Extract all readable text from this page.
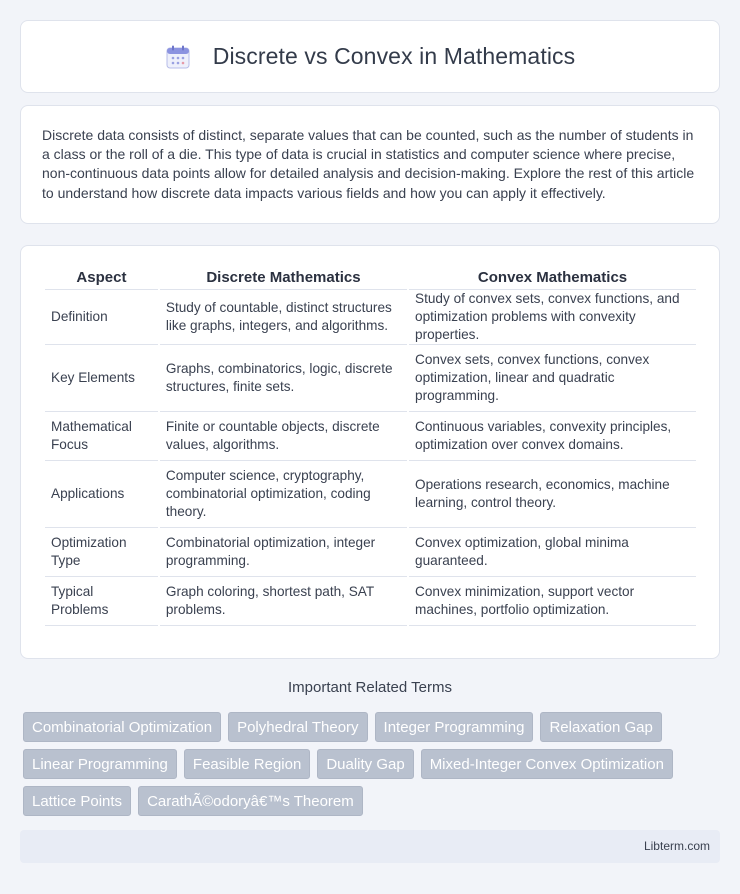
Discrete vs Convex in Mathematics

Discrete data consists of distinct, separate values that can be counted, such as the number of students in a class or the roll of a die. This type of data is crucial in statistics and computer science where precise, non-continuous data points allow for detailed analysis and decision-making. Explore the rest of this article to understand how discrete data impacts various fields and how you can apply it effectively.

Aspect	Discrete Mathematics	Convex Mathematics
Definition	Study of countable, distinct structures like graphs, integers, and algorithms.	Study of convex sets, convex functions, and optimization problems with convexity properties.
Key Elements	Graphs, combinatorics, logic, discrete structures, finite sets.	Convex sets, convex functions, convex optimization, linear and quadratic programming.
Mathematical Focus	Finite or countable objects, discrete values, algorithms.	Continuous variables, convexity principles, optimization over convex domains.
Applications	Computer science, cryptography, combinatorial optimization, coding theory.	Operations research, economics, machine learning, control theory.
Optimization Type	Combinatorial optimization, integer programming.	Convex optimization, global minima guaranteed.
Typical Problems	Graph coloring, shortest path, SAT problems.	Convex minimization, support vector machines, portfolio optimization.
Important Related Terms
Combinatorial Optimization	Polyhedral Theory	Integer Programming	Relaxation Gap
Linear Programming	Feasible Region	Duality Gap	Mixed-Integer Convex Optimization
Lattice Points	CarathÃ©odoryâ€™s Theorem
Libterm.com
